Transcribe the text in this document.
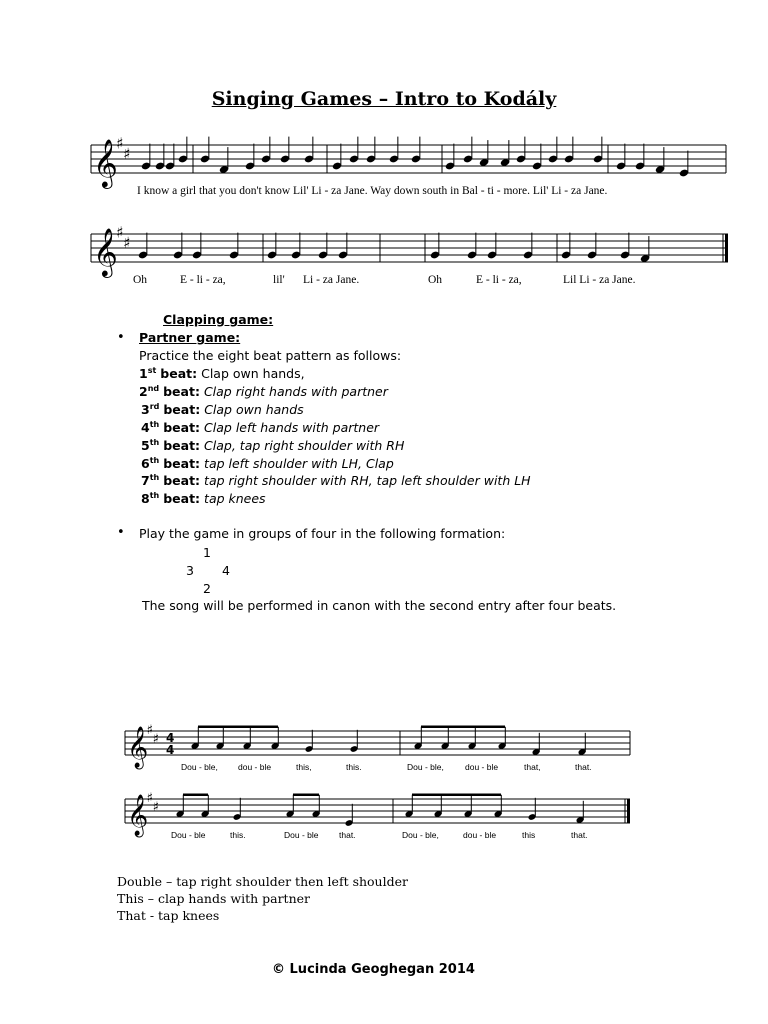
Singing Games – Intro to Kodály
𝄞
♯
♯
𝄞
♯
♯
𝄞
♯
♯ 4
4
𝄞
♯
♯
I know a girl that you don't know Lil' Li - za Jane. Way down south in Bal - ti - more. Lil' Li - za Jane.
Oh	E - li - za,	lil' Li - za Jane.	Oh	E - li - za,	Lil Li - za Jane.
Clapping game:
• Partner game:
Practice the eight beat pattern as follows:
1st beat: Clap own hands,
2nd beat: Clap right hands with partner
3rd beat: Clap own hands
4th beat: Clap left hands with partner
5th beat: Clap, tap right shoulder with RH
6th beat: tap left shoulder with LH, Clap
7th beat: tap right shoulder with RH, tap left shoulder with LH
8th beat: tap knees
• Play the game in groups of four in the following formation:
1
3 4
2
The song will be performed in canon with the second entry after four beats.
Dou - ble, dou - ble	this,	this.	Dou - ble, dou - ble	that,	that.
Dou - ble	this.	Dou - ble that.	Dou - ble,	dou - ble	this	that.
Double – tap right shoulder then left shoulder
This – clap hands with partner
That - tap knees
© Lucinda Geoghegan 2014
